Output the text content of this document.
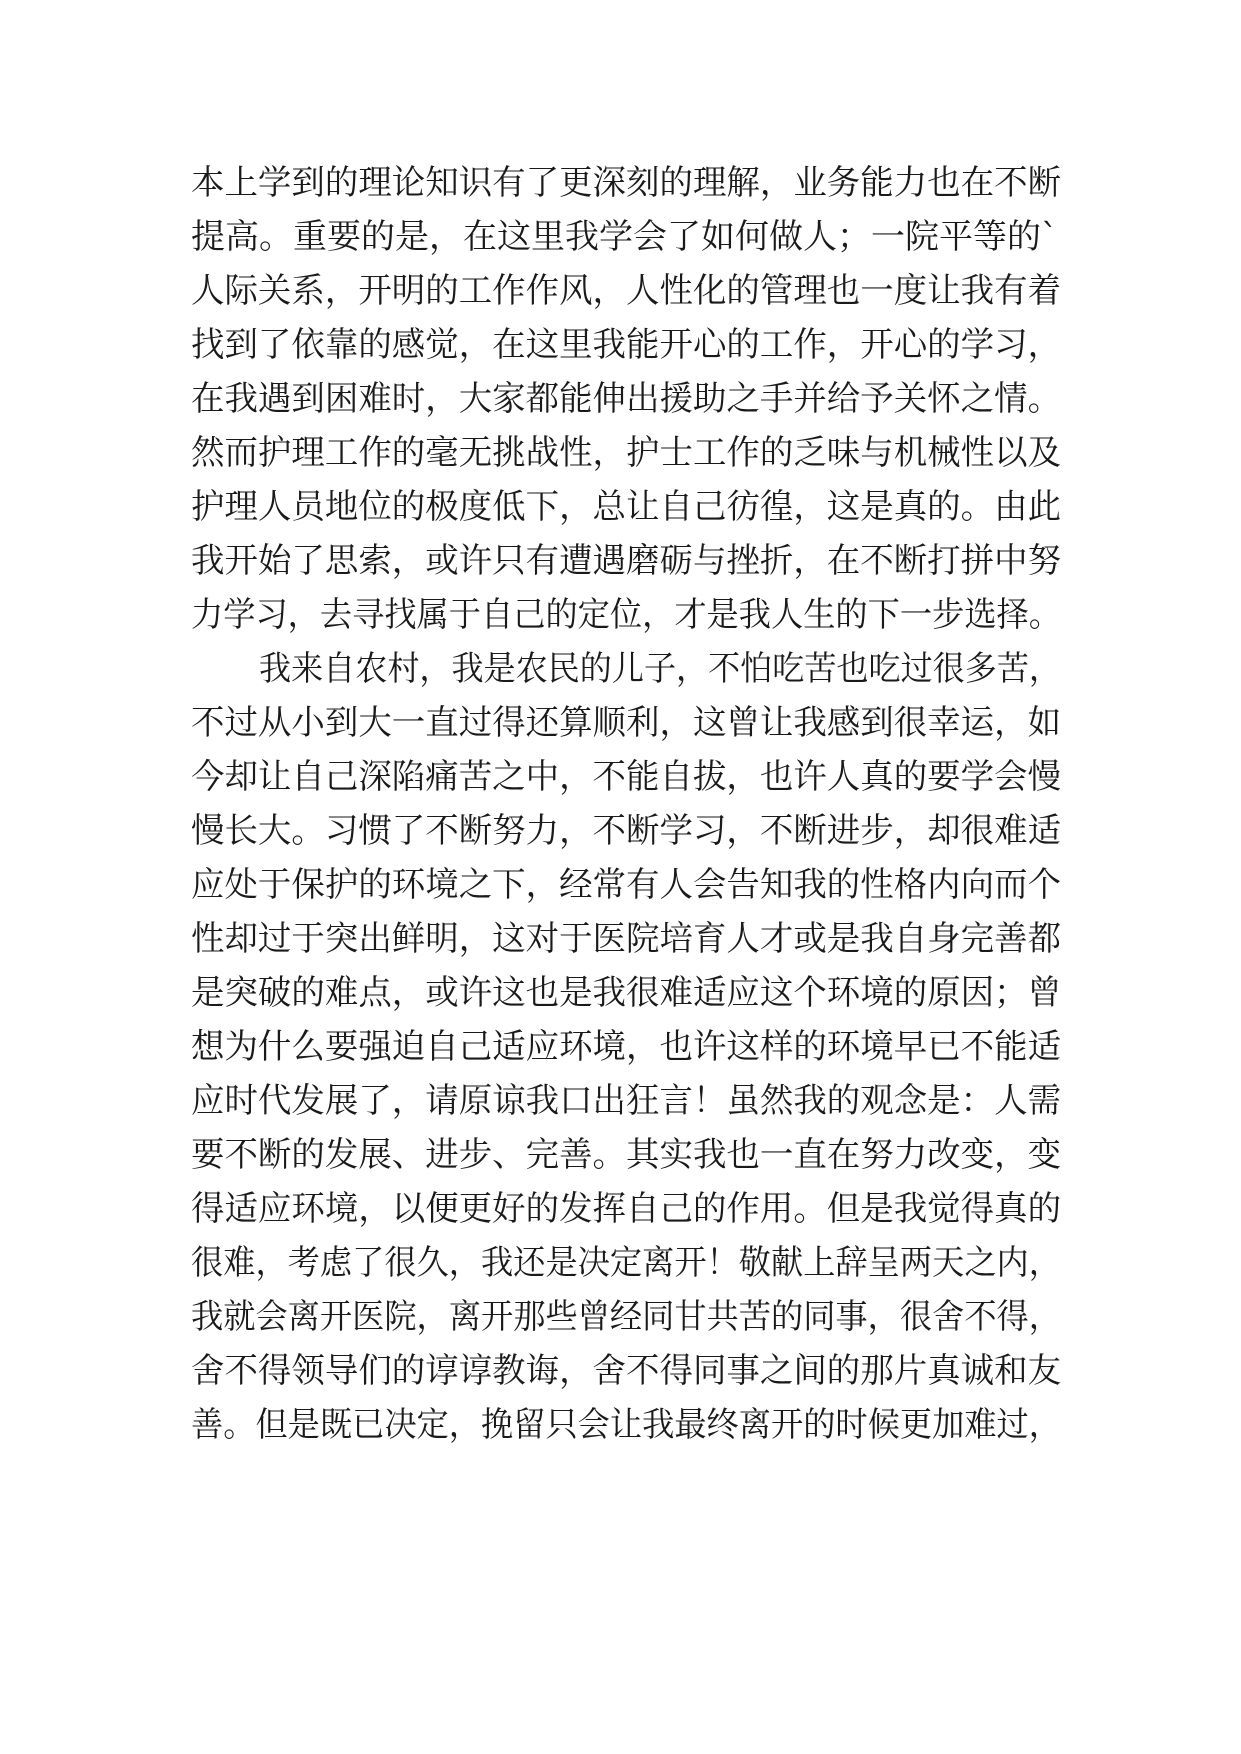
本上学到的理论知识有了更深刻的理解，业务能力也在不断
提高。重要的是，在这里我学会了如何做人；一院平等的`
人际关系，开明的工作作风，人性化的管理也一度让我有着
找到了依靠的感觉，在这里我能开心的工作，开心的学习，
在我遇到困难时，大家都能伸出援助之手并给予关怀之情。
然而护理工作的毫无挑战性，护士工作的乏味与机械性以及
护理人员地位的极度低下，总让自己彷徨，这是真的。由此
我开始了思索，或许只有遭遇磨砺与挫折，在不断打拼中努
力学习，去寻找属于自己的定位，才是我人生的下一步选择。
我来自农村，我是农民的儿子，不怕吃苦也吃过很多苦，
不过从小到大一直过得还算顺利，这曾让我感到很幸运，如
今却让自己深陷痛苦之中，不能自拔，也许人真的要学会慢
慢长大。习惯了不断努力，不断学习，不断进步，却很难适
应处于保护的环境之下，经常有人会告知我的性格内向而个
性却过于突出鲜明，这对于医院培育人才或是我自身完善都
是突破的难点，或许这也是我很难适应这个环境的原因；曾
想为什么要强迫自己适应环境，也许这样的环境早已不能适
应时代发展了，请原谅我口出狂言！虽然我的观念是：人需
要不断的发展、进步、完善。其实我也一直在努力改变，变
得适应环境，以便更好的发挥自己的作用。但是我觉得真的
很难，考虑了很久，我还是决定离开！敬献上辞呈两天之内，
我就会离开医院，离开那些曾经同甘共苦的同事，很舍不得，
舍不得领导们的谆谆教诲，舍不得同事之间的那片真诚和友
善。但是既已决定，挽留只会让我最终离开的时候更加难过，
